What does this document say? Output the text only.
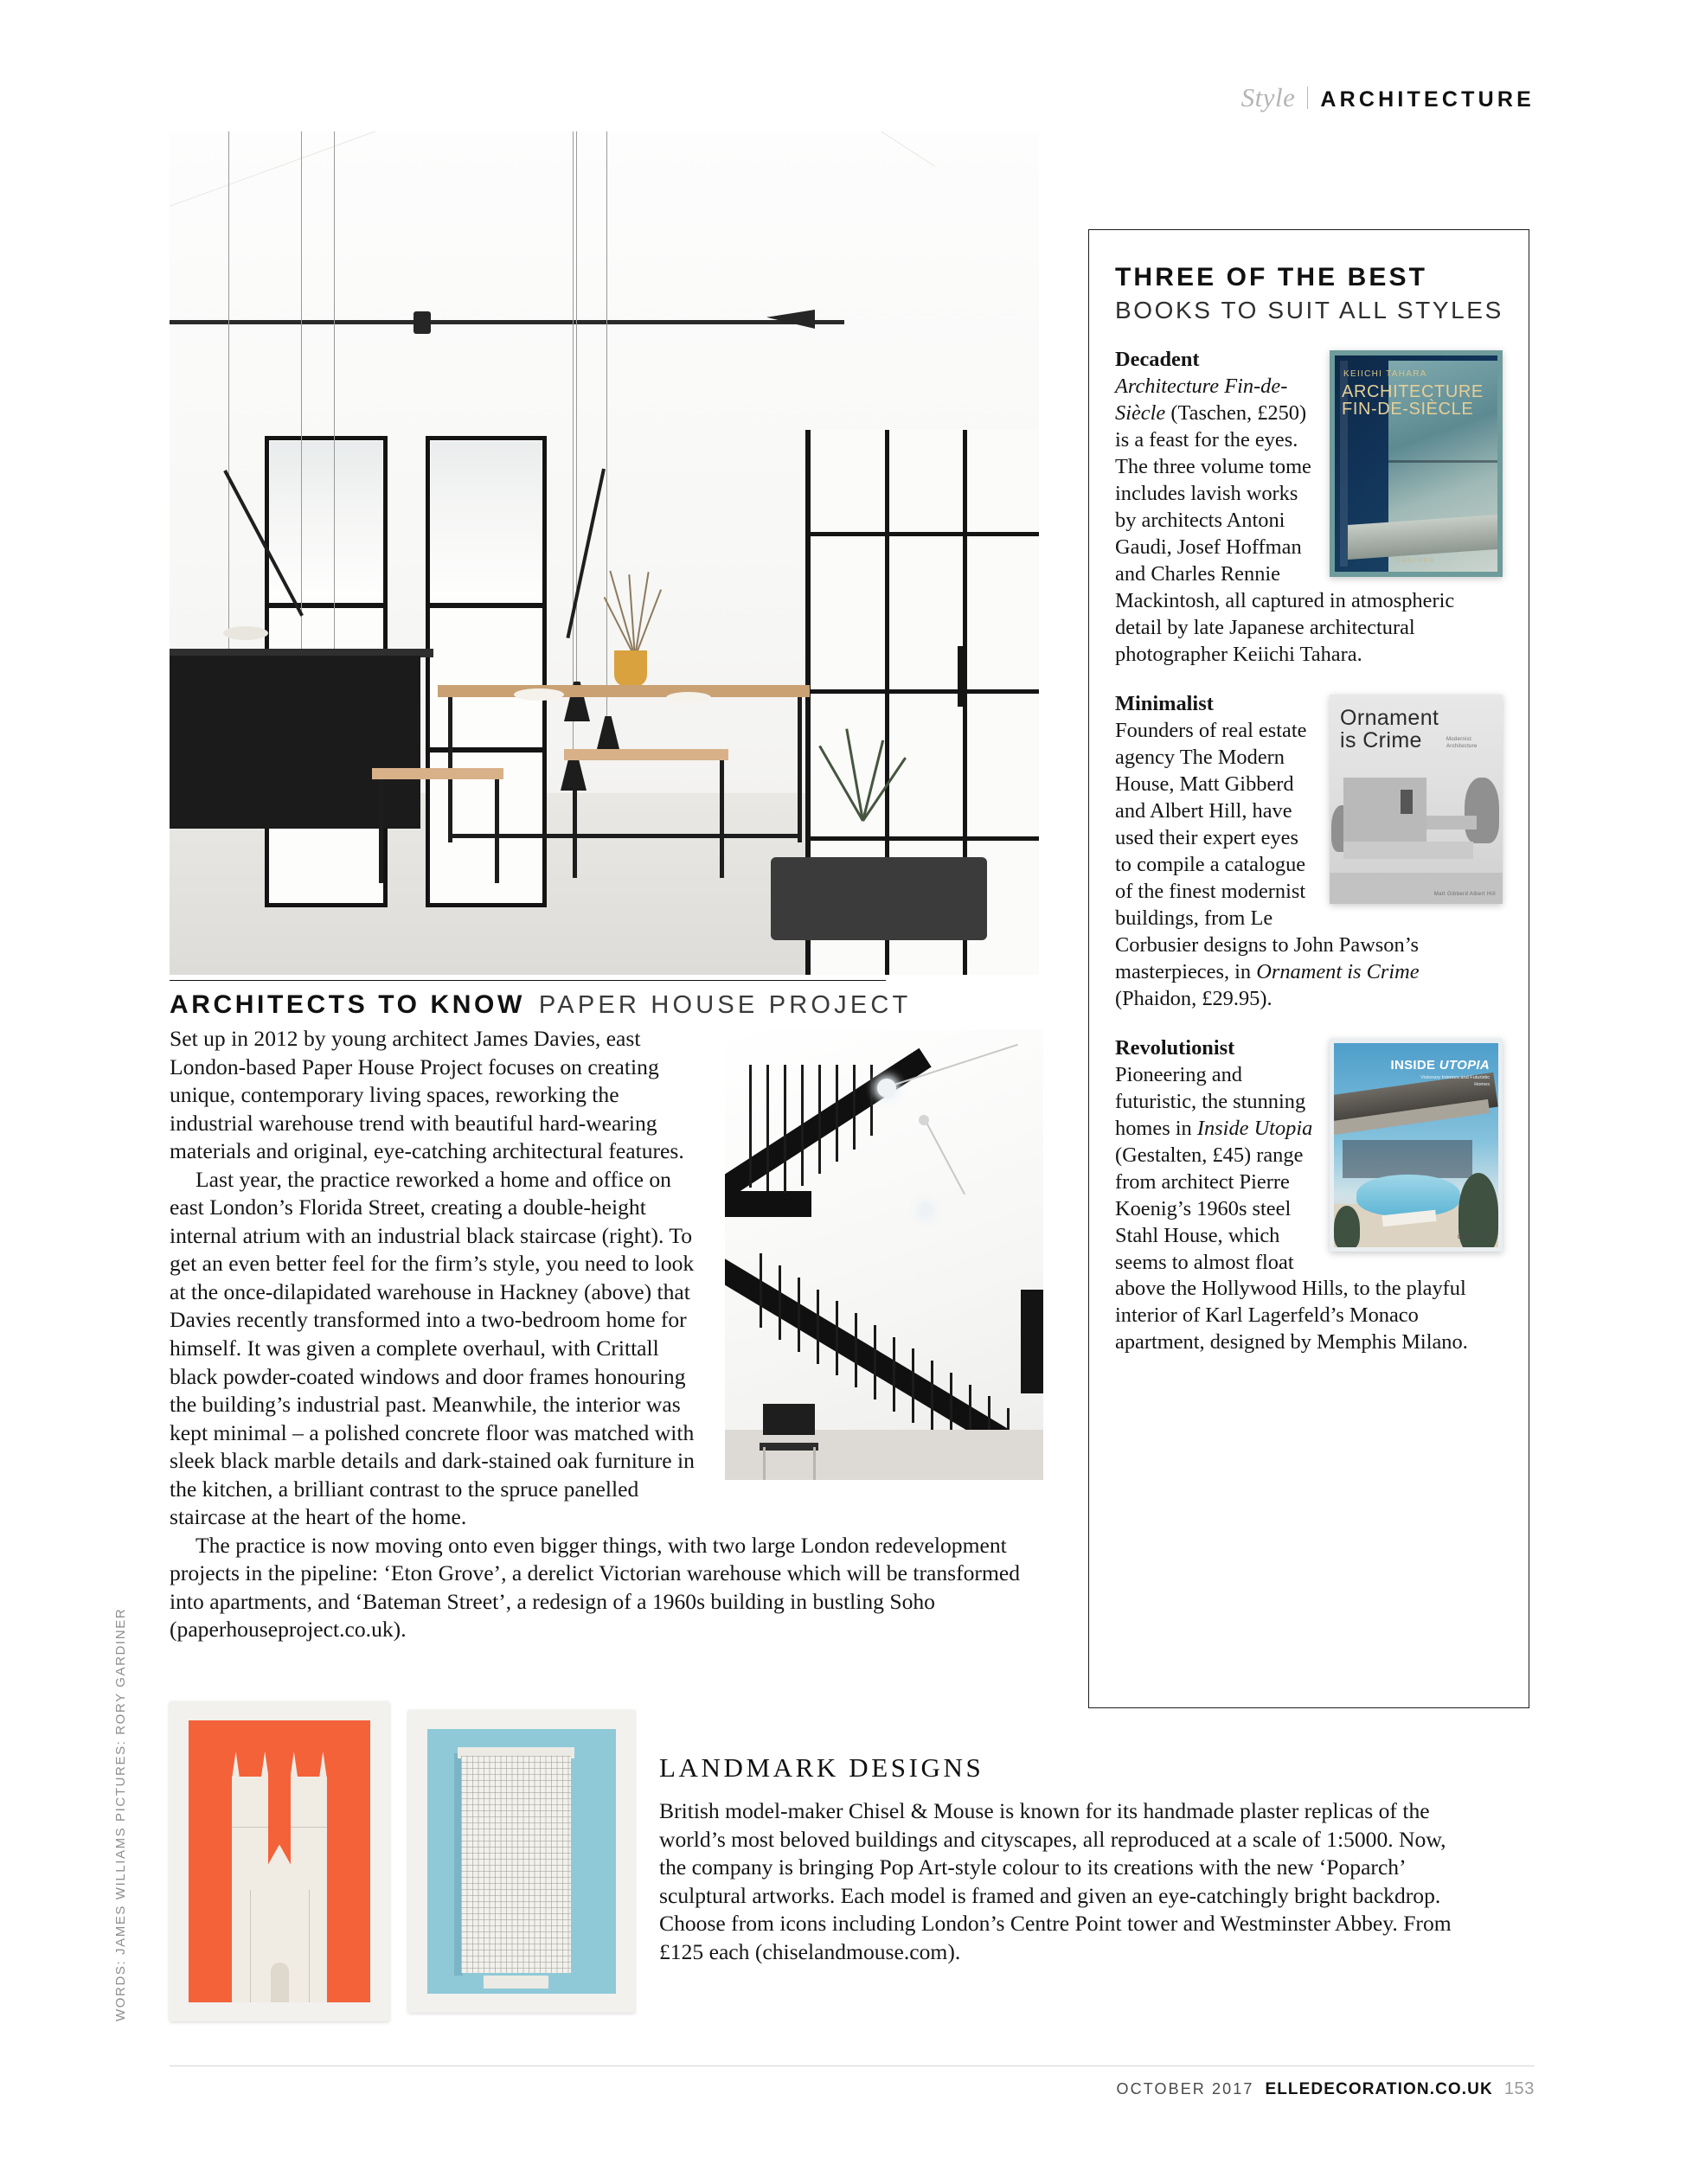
Style ARCHITECTURE
ARCHITECTS TO KNOW PAPER HOUSE PROJECT

Set up in 2012 by young architect James Davies, east London-based Paper House Project focuses on creating unique, contemporary living spaces, reworking the industrial warehouse trend with beautiful hard-wearing materials and original, eye-catching architectural features.

Last year, the practice reworked a home and office on east London’s Florida Street, creating a double-height internal atrium with an industrial black staircase (right). To get an even better feel for the firm’s style, you need to look at the once-dilapidated warehouse in Hackney (above) that Davies recently transformed into a two-bedroom home for himself. It was given a complete overhaul, with Crittall black powder-coated windows and door frames honouring the building’s industrial past. Meanwhile, the interior was kept minimal – a polished concrete floor was matched with sleek black marble details and dark-stained oak furniture in the kitchen, a brilliant contrast to the spruce panelled staircase at the heart of the home.

The practice is now moving onto even bigger things, with two large London redevelopment projects in the pipeline: ‘Eton Grove’, a derelict Victorian warehouse which will be transformed into apartments, and ‘Bateman Street’, a redesign of a 1960s building in bustling Soho (paperhouseproject.co.uk).

THREE OF THE BEST
BOOKS TO SUIT ALL STYLES
KEIICHI TAHARA
ARCHITECTURE
FIN-DE-SIÈCLE
TASCHEN
Decadent
Architecture Fin-de-Siècle (Taschen, £250) is a feast for the eyes. The three volume tome includes lavish works by architects Antoni Gaudi, Josef Hoffman and Charles Rennie Mackintosh, all captured in atmospheric detail by late Japanese architectural photographer Keiichi Tahara.
Ornament
is Crime	Modernist Architecture
Matt Gibberd Albert Hill
Minimalist
Founders of real estate agency The Modern House, Matt Gibberd and Albert Hill, have used their expert eyes to compile a catalogue of the finest modernist buildings, from Le Corbusier designs to John Pawson’s masterpieces, in Ornament is Crime (Phaidon, £29.95).
INSIDE UTOPIA
Visionary Interiors and Futuristic Homes
GESTALTEN
Revolutionist
Pioneering and futuristic, the stunning homes in Inside Utopia (Gestalten, £45) range from architect Pierre Koenig’s 1960s steel Stahl House, which seems to almost float above the Hollywood Hills, to the playful interior of Karl Lagerfeld’s Monaco apartment, designed by Memphis Milano.
LANDMARK DESIGNS
British model-maker Chisel & Mouse is known for its handmade plaster replicas of the world’s most beloved buildings and cityscapes, all reproduced at a scale of 1:5000. Now, the company is bringing Pop Art-style colour to its creations with the new ‘Poparch’ sculptural artworks. Each model is framed and given an eye-catchingly bright backdrop. Choose from icons including London’s Centre Point tower and Westminster Abbey. From £125 each (chiselandmouse.com).
WORDS: JAMES WILLIAMS PICTURES: RORY GARDINER
OCTOBER 2017 ELLEDECORATION.CO.UK 153
